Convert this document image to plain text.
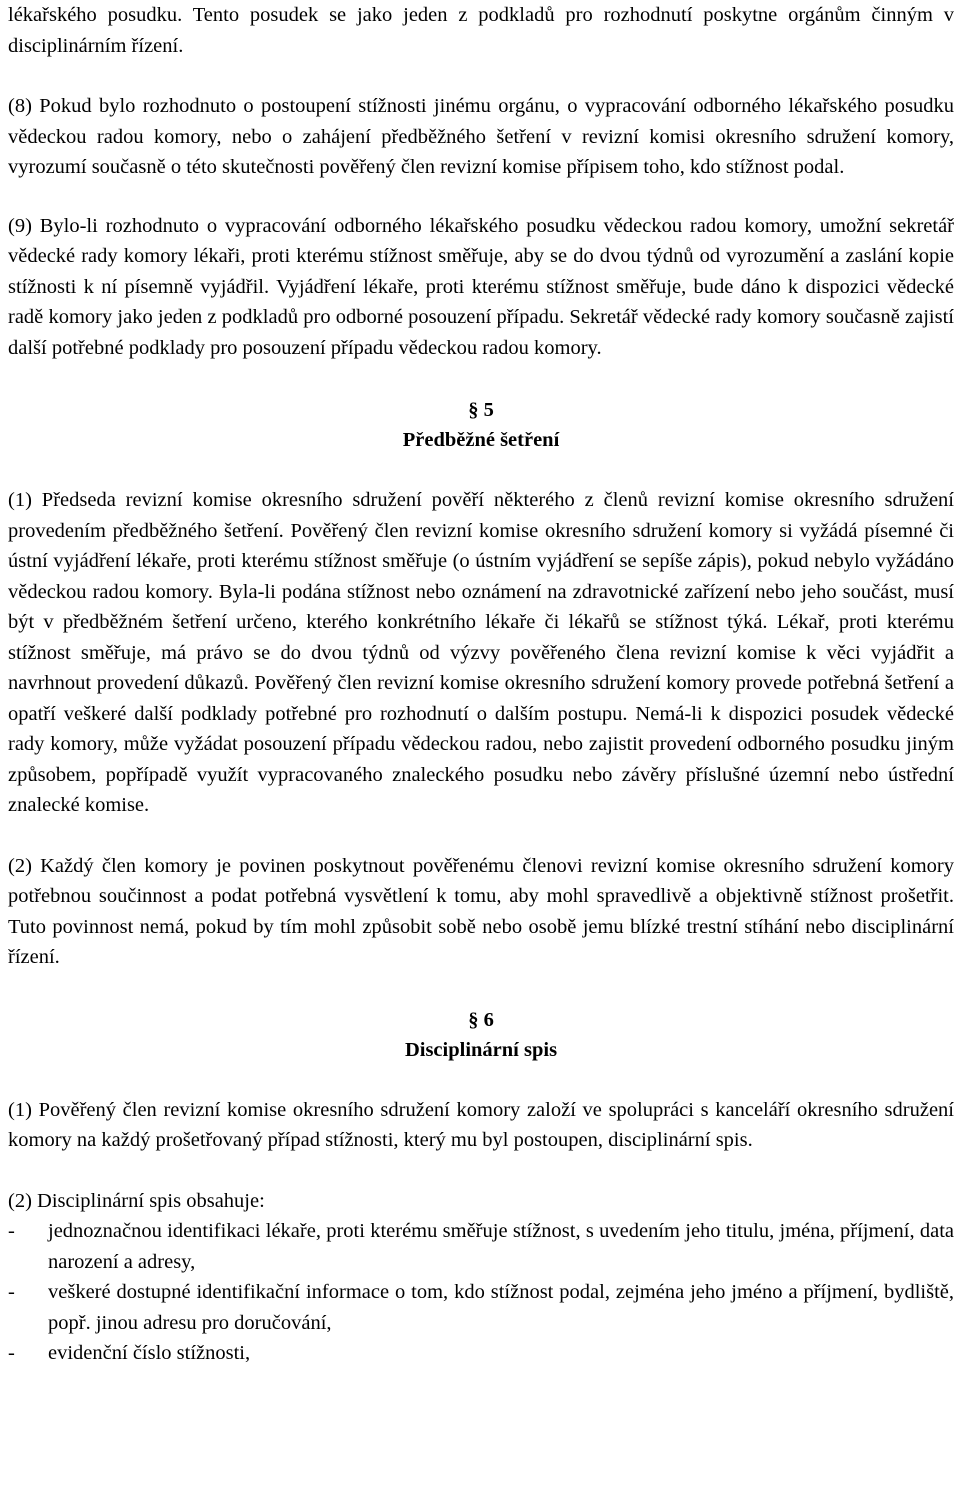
lékařského posudku. Tento posudek se jako jeden z podkladů pro rozhodnutí poskytne orgánům činným v disciplinárním řízení.

(8) Pokud bylo rozhodnuto o postoupení stížnosti jinému orgánu, o vypracování odborného lékařského posudku vědeckou radou komory, nebo o zahájení předběžného šetření v revizní komisi okresního sdružení komory, vyrozumí současně o této skutečnosti pověřený člen revizní komise přípisem toho, kdo stížnost podal.

(9) Bylo-li rozhodnuto o vypracování odborného lékařského posudku vědeckou radou komory, umožní sekretář vědecké rady komory lékaři, proti kterému stížnost směřuje, aby se do dvou týdnů od vyrozumění a zaslání kopie stížnosti k ní písemně vyjádřil. Vyjádření lékaře, proti kterému stížnost směřuje, bude dáno k dispozici vědecké radě komory jako jeden z podkladů pro odborné posouzení případu. Sekretář vědecké rady komory současně zajistí další potřebné podklady pro posouzení případu vědeckou radou komory.

§ 5
Předběžné šetření

(1) Předseda revizní komise okresního sdružení pověří některého z členů revizní komise okresního sdružení provedením předběžného šetření. Pověřený člen revizní komise okresního sdružení komory si vyžádá písemné či ústní vyjádření lékaře, proti kterému stížnost směřuje (o ústním vyjádření se sepíše zápis), pokud nebylo vyžádáno vědeckou radou komory. Byla-li podána stížnost nebo oznámení na zdravotnické zařízení nebo jeho součást, musí být v předběžném šetření určeno, kterého konkrétního lékaře či lékařů se stížnost týká. Lékař, proti kterému stížnost směřuje, má právo se do dvou týdnů od výzvy pověřeného člena revizní komise k věci vyjádřit a navrhnout provedení důkazů. Pověřený člen revizní komise okresního sdružení komory provede potřebná šetření a opatří veškeré další podklady potřebné pro rozhodnutí o dalším postupu. Nemá-li k dispozici posudek vědecké rady komory, může vyžádat posouzení případu vědeckou radou, nebo zajistit provedení odborného posudku jiným způsobem, popřípadě využít vypracovaného znaleckého posudku nebo závěry příslušné územní nebo ústřední znalecké komise.

(2) Každý člen komory je povinen poskytnout pověřenému členovi revizní komise okresního sdružení komory potřebnou součinnost a podat potřebná vysvětlení k tomu, aby mohl spravedlivě a objektivně stížnost prošetřit. Tuto povinnost nemá, pokud by tím mohl způsobit sobě nebo osobě jemu blízké trestní stíhání nebo disciplinární řízení.

§ 6
Disciplinární spis

(1) Pověřený člen revizní komise okresního sdružení komory založí ve spolupráci s kanceláří okresního sdružení komory na každý prošetřovaný případ stížnosti, který mu byl postoupen, disciplinární spis.

(2) Disciplinární spis obsahuje:

- jednoznačnou identifikaci lékaře, proti kterému směřuje stížnost, s uvedením jeho titulu, jména, příjmení, data narození a adresy,
- veškeré dostupné identifikační informace o tom, kdo stížnost podal, zejména jeho jméno a příjmení, bydliště, popř. jinou adresu pro doručování,
- evidenční číslo stížnosti,
